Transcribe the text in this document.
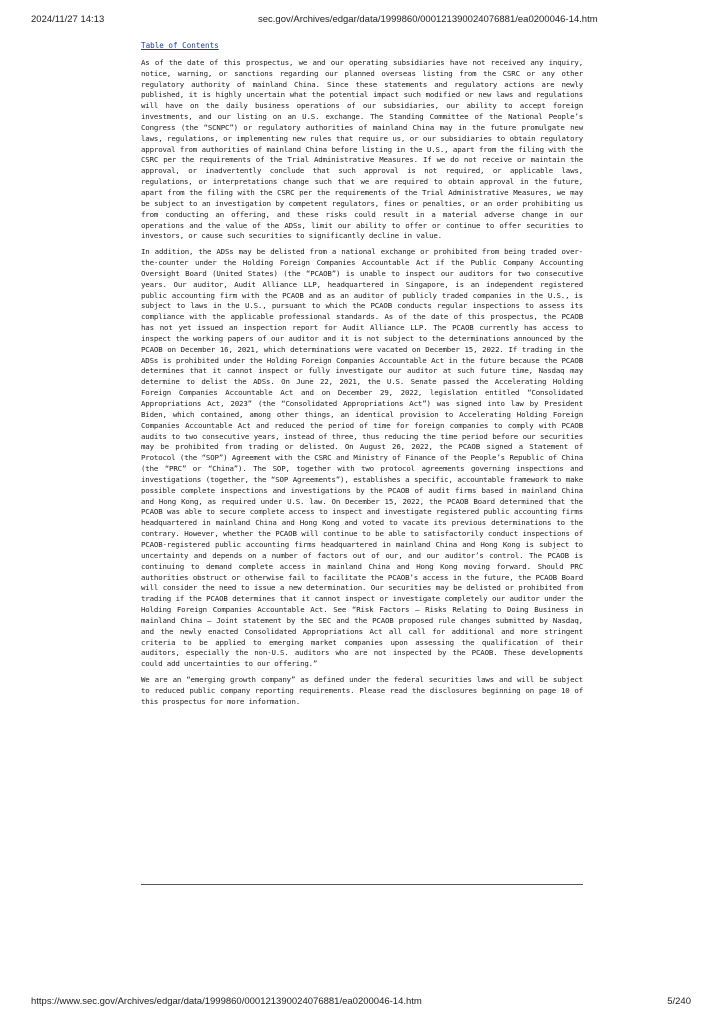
2024/11/27 14:13	sec.gov/Archives/edgar/data/1999860/000121390024076881/ea0200046-14.htm
Table of Contents

As of the date of this prospectus, we and our operating subsidiaries have not received any inquiry, notice, warning, or sanctions regarding our planned overseas listing from the CSRC or any other regulatory authority of mainland China. Since these statements and regulatory actions are newly published, it is highly uncertain what the potential impact such modified or new laws and regulations will have on the daily business operations of our subsidiaries, our ability to accept foreign investments, and our listing on an U.S. exchange. The Standing Committee of the National People’s Congress (the “SCNPC”) or regulatory authorities of mainland China may in the future promulgate new laws, regulations, or implementing new rules that require us, or our subsidiaries to obtain regulatory approval from authorities of mainland China before listing in the U.S., apart from the filing with the CSRC per the requirements of the Trial Administrative Measures. If we do not receive or maintain the approval, or inadvertently conclude that such approval is not required, or applicable laws, regulations, or interpretations change such that we are required to obtain approval in the future, apart from the filing with the CSRC per the requirements of the Trial Administrative Measures, we may be subject to an investigation by competent regulators, fines or penalties, or an order prohibiting us from conducting an offering, and these risks could result in a material adverse change in our operations and the value of the ADSs, limit our ability to offer or continue to offer securities to investors, or cause such securities to significantly decline in value.

In addition, the ADSs may be delisted from a national exchange or prohibited from being traded over-the-counter under the Holding Foreign Companies Accountable Act if the Public Company Accounting Oversight Board (United States) (the “PCAOB”) is unable to inspect our auditors for two consecutive years. Our auditor, Audit Alliance LLP, headquartered in Singapore, is an independent registered public accounting firm with the PCAOB and as an auditor of publicly traded companies in the U.S., is subject to laws in the U.S., pursuant to which the PCAOB conducts regular inspections to assess its compliance with the applicable professional standards. As of the date of this prospectus, the PCAOB has not yet issued an inspection report for Audit Alliance LLP. The PCAOB currently has access to inspect the working papers of our auditor and it is not subject to the determinations announced by the PCAOB on December 16, 2021, which determinations were vacated on December 15, 2022. If trading in the ADSs is prohibited under the Holding Foreign Companies Accountable Act in the future because the PCAOB determines that it cannot inspect or fully investigate our auditor at such future time, Nasdaq may determine to delist the ADSs. On June 22, 2021, the U.S. Senate passed the Accelerating Holding Foreign Companies Accountable Act and on December 29, 2022, legislation entitled “Consolidated Appropriations Act, 2023” (the “Consolidated Appropriations Act”) was signed into law by President Biden, which contained, among other things, an identical provision to Accelerating Holding Foreign Companies Accountable Act and reduced the period of time for foreign companies to comply with PCAOB audits to two consecutive years, instead of three, thus reducing the time period before our securities may be prohibited from trading or delisted. On August 26, 2022, the PCAOB signed a Statement of Protocol (the “SOP”) Agreement with the CSRC and Ministry of Finance of the People’s Republic of China (the “PRC” or “China”). The SOP, together with two protocol agreements governing inspections and investigations (together, the “SOP Agreements”), establishes a specific, accountable framework to make possible complete inspections and investigations by the PCAOB of audit firms based in mainland China and Hong Kong, as required under U.S. law. On December 15, 2022, the PCAOB Board determined that the PCAOB was able to secure complete access to inspect and investigate registered public accounting firms headquartered in mainland China and Hong Kong and voted to vacate its previous determinations to the contrary. However, whether the PCAOB will continue to be able to satisfactorily conduct inspections of PCAOB-registered public accounting firms headquartered in mainland China and Hong Kong is subject to uncertainty and depends on a number of factors out of our, and our auditor’s control. The PCAOB is continuing to demand complete access in mainland China and Hong Kong moving forward. Should PRC authorities obstruct or otherwise fail to facilitate the PCAOB’s access in the future, the PCAOB Board will consider the need to issue a new determination. Our securities may be delisted or prohibited from trading if the PCAOB determines that it cannot inspect or investigate completely our auditor under the Holding Foreign Companies Accountable Act. See “Risk Factors — Risks Relating to Doing Business in mainland China — Joint statement by the SEC and the PCAOB proposed rule changes submitted by Nasdaq, and the newly enacted Consolidated Appropriations Act all call for additional and more stringent criteria to be applied to emerging market companies upon assessing the qualification of their auditors, especially the non-U.S. auditors who are not inspected by the PCAOB. These developments could add uncertainties to our offering.”

We are an “emerging growth company” as defined under the federal securities laws and will be subject to reduced public company reporting requirements. Please read the disclosures beginning on page 10 of this prospectus for more information.

https://www.sec.gov/Archives/edgar/data/1999860/000121390024076881/ea0200046-14.htm	5/240
